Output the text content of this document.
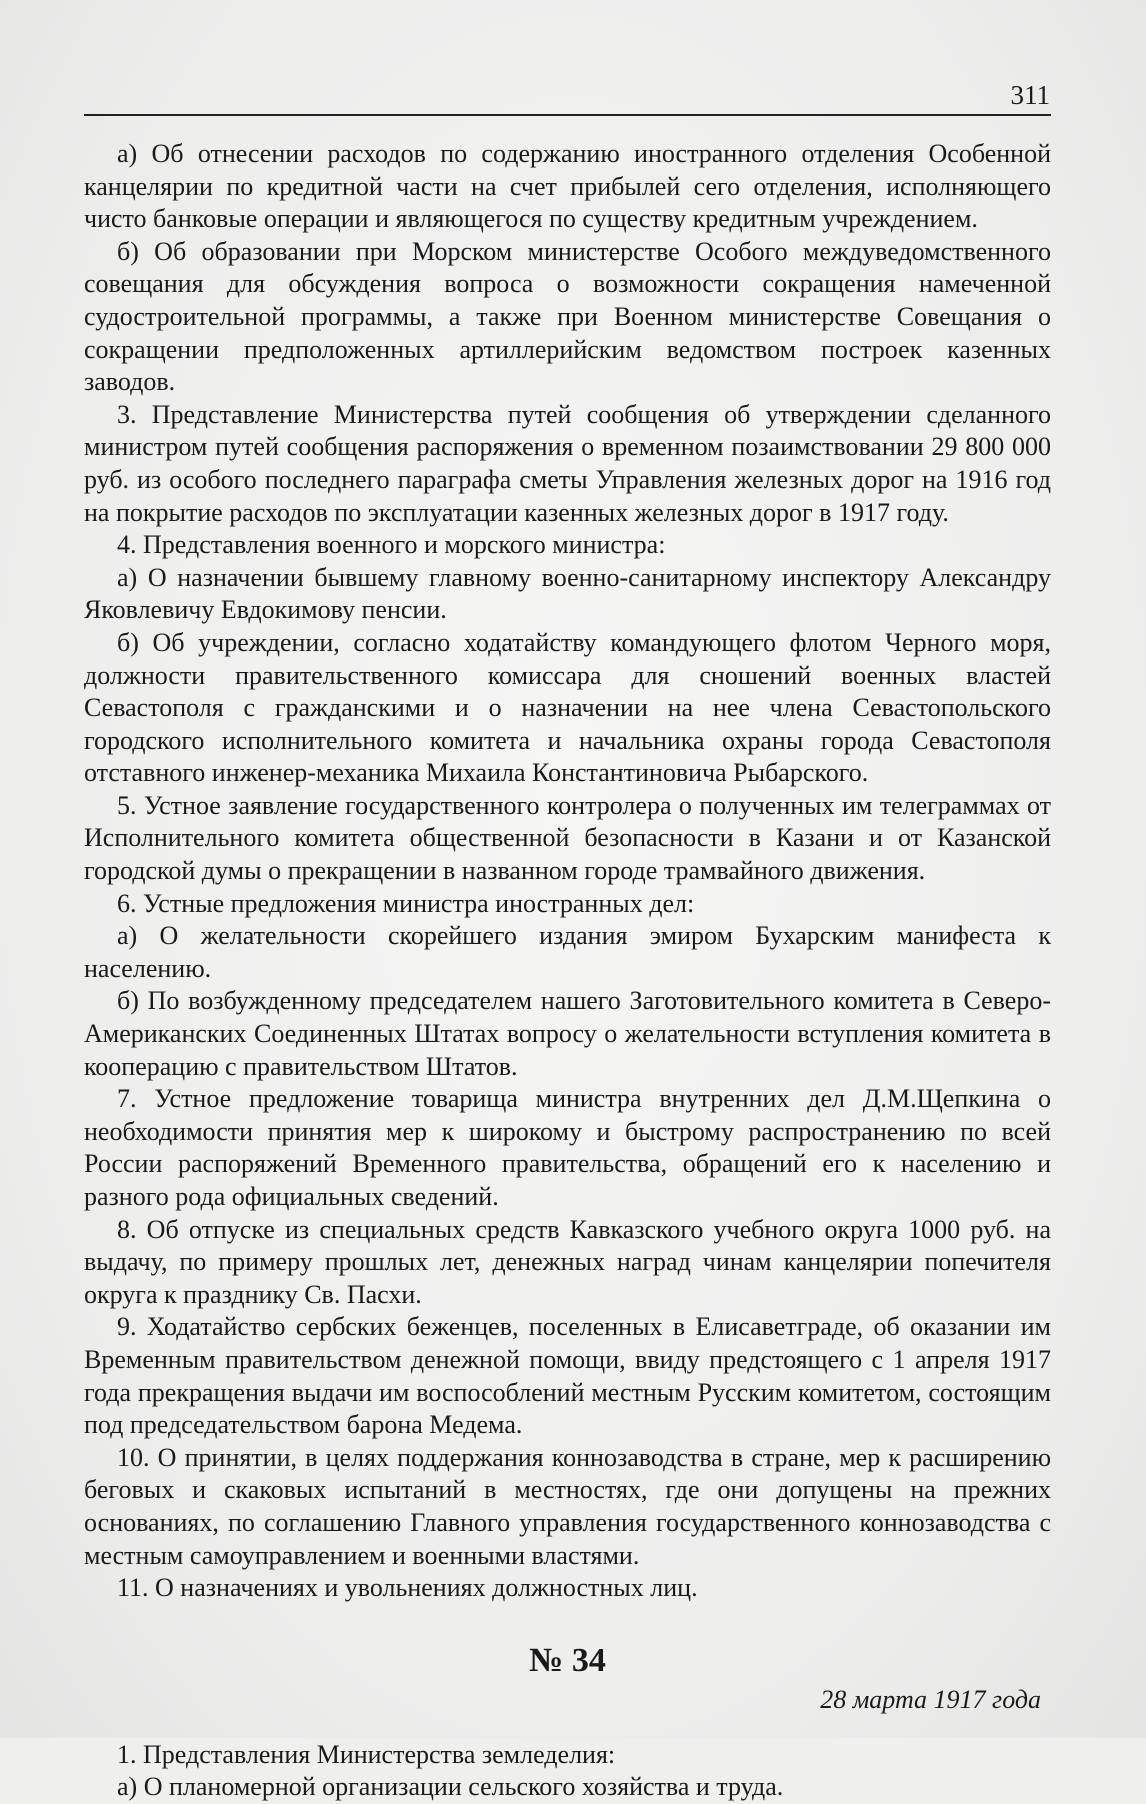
311

а) Об отнесении расходов по содержанию иностранного отделения Особенной канцелярии по кредитной части на счет прибылей сего отделения, исполняющего чисто банковые операции и являющегося по существу кредитным учреждением.

б) Об образовании при Морском министерстве Особого междуведомственного совещания для обсуждения вопроса о возможности сокращения намеченной судостроительной программы, а также при Военном министерстве Совещания о сокращении предположенных артиллерийским ведомством построек казенных заводов.

3. Представление Министерства путей сообщения об утверждении сделанного министром путей сообщения распоряжения о временном позаимствовании 29 800 000 руб. из особого последнего параграфа сметы Управления железных дорог на 1916 год на покрытие расходов по эксплуатации казенных железных дорог в 1917 году.

4. Представления военного и морского министра:

а) О назначении бывшему главному военно-санитарному инспектору Александру Яковлевичу Евдокимову пенсии.

б) Об учреждении, согласно ходатайству командующего флотом Черного моря, должности правительственного комиссара для сношений военных властей Севастополя с гражданскими и о назначении на нее члена Севастопольского городского исполнительного комитета и начальника охраны города Севастополя отставного инженер-механика Михаила Константиновича Рыбарского.

5. Устное заявление государственного контролера о полученных им телеграммах от Исполнительного комитета общественной безопасности в Казани и от Казанской городской думы о прекращении в названном городе трамвайного движения.

6. Устные предложения министра иностранных дел:

а) О желательности скорейшего издания эмиром Бухарским манифеста к населению.

б) По возбужденному председателем нашего Заготовительного комитета в Северо-Американских Соединенных Штатах вопросу о желательности вступления комитета в кооперацию с правительством Штатов.

7. Устное предложение товарища министра внутренних дел Д.М.Щепкина о необходимости принятия мер к широкому и быстрому распространению по всей России распоряжений Временного правительства, обращений его к населению и разного рода официальных сведений.

8. Об отпуске из специальных средств Кавказского учебного округа 1000 руб. на выдачу, по примеру прошлых лет, денежных наград чинам канцелярии попечителя округа к празднику Св. Пасхи.

9. Ходатайство сербских беженцев, поселенных в Елисаветграде, об оказании им Временным правительством денежной помощи, ввиду предстоящего с 1 апреля 1917 года прекращения выдачи им воспособлений местным Русским комитетом, состоящим под председательством барона Медема.

10. О принятии, в целях поддержания коннозаводства в стране, мер к расширению беговых и скаковых испытаний в местностях, где они допущены на прежних основаниях, по соглашению Главного управления государственного коннозаводства с местным самоуправлением и военными властями.

11. О назначениях и увольнениях должностных лиц.

№ 34
28 марта 1917 года

1. Представления Министерства земледелия:

а) О планомерной организации сельского хозяйства и труда.
